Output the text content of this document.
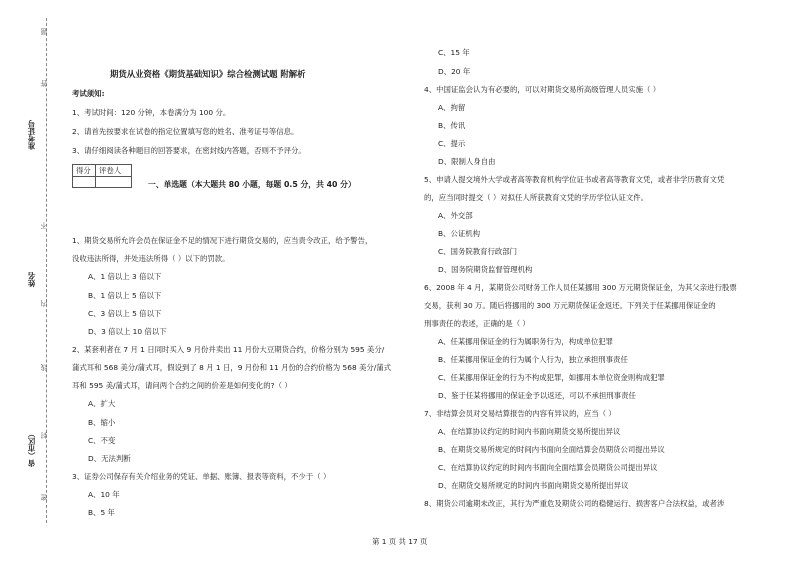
准考证号
姓名
省（市区）
题
答
不
内
线
封
密
期货从业资格《期货基础知识》综合检测试题 附解析
考试须知:
1、考试时间：120 分钟，本卷满分为 100 分。
2、请首先按要求在试卷的指定位置填写您的姓名、准考证号等信息。
3、请仔细阅读各种题目的回答要求，在密封线内答题，否则不予评分。
得分 评卷人
一、单选题（本大题共 80 小题，每题 0.5 分，共 40 分）
1、期货交易所允许会员在保证金不足的情况下进行期货交易的，应当责令改正，给予警告，
没收违法所得，并处违法所得（ ）以下的罚款。
A、1 倍以上 3 倍以下
B、1 倍以上 5 倍以下
C、3 倍以上 5 倍以下
D、3 倍以上 10 倍以下
2、某套利者在 7 月 1 日同时买入 9 月份并卖出 11 月份大豆期货合约，价格分别为 595 美分/
蒲式耳和 568 美分/蒲式耳，假设到了 8 月 1 日，9 月份和 11 月份的合约价格为 568 美分/蒲式
耳和 595 美/蒲式耳，请问两个合约之间的价差是如何变化的?（ ）
A、扩大
B、缩小
C、不变
D、无法判断
3、证券公司保存有关介绍业务的凭证、单据、账簿、报表等资料，不少于（ ）
A、10 年
B、5 年
C、15 年
D、20 年
4、中国证监会认为有必要的，可以对期货交易所高级管理人员实施（ ）
A、拘留
B、传讯
C、提示
D、限制人身自由
5、申请人提交境外大学或者高等教育机构学位证书或者高等教育文凭，或者非学历教育文凭
的，应当同时提交（ ）对拟任人所获教育文凭的学历学位认证文件。
A、外交部
B、公证机构
C、国务院教育行政部门
D、国务院期货监督管理机构
6、2008 年 4 月，某期货公司财务工作人员任某挪用 300 万元期货保证金，为其父亲进行股票
交易，获利 30 万。随后将挪用的 300 万元期货保证金返还。下列关于任某挪用保证金的
刑事责任的表述，正确的是（ ）
A、任某挪用保证金的行为属职务行为，构成单位犯罪
B、任某挪用保证金的行为属个人行为，独立承担刑事责任
C、任某挪用保证金的行为不构成犯罪，如挪用本单位资金则构成犯罪
D、鉴于任某将挪用的保证金予以返还，可以不承担刑事责任
7、非结算会员对交易结算报告的内容有异议的，应当（ ）
A、在结算协议约定的时间内书面向期货交易所提出异议
B、在期货交易所规定的时间内书面向全面结算会员期货公司提出异议
C、在结算协议约定的时间内书面向全面结算会员期货公司提出异议
D、在期货交易所规定的时间内书面向期货交易所提出异议
8、期货公司逾期未改正，其行为严重危及期货公司的稳健运行、损害客户合法权益，或者涉
第 1 页 共 17 页
